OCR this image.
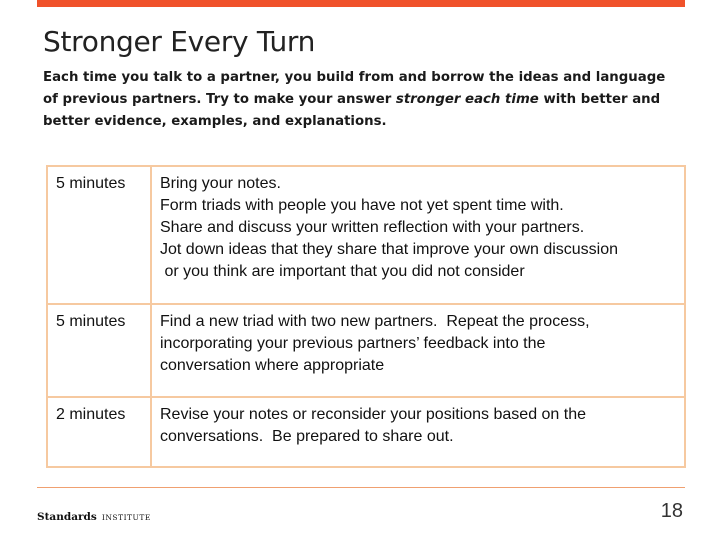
Stronger Every Turn

Each time you talk to a partner, you build from and borrow the ideas and language of previous partners. Try to make your answer stronger each time with better and better evidence, examples, and explanations.

5 minutes	Bring your notes.
Form triads with people you have not yet spent time with.
Share and discuss your written reflection with your partners.
Jot down ideas that they share that improve your own discussion
or you think are important that you did not consider

5 minutes	Find a new triad with two new partners.  Repeat the process,
incorporating your previous partners’ feedback into the
conversation where appropriate

2 minutes	Revise your notes or reconsider your positions based on the
conversations.  Be prepared to share out.
Standards INSTITUTE	18
